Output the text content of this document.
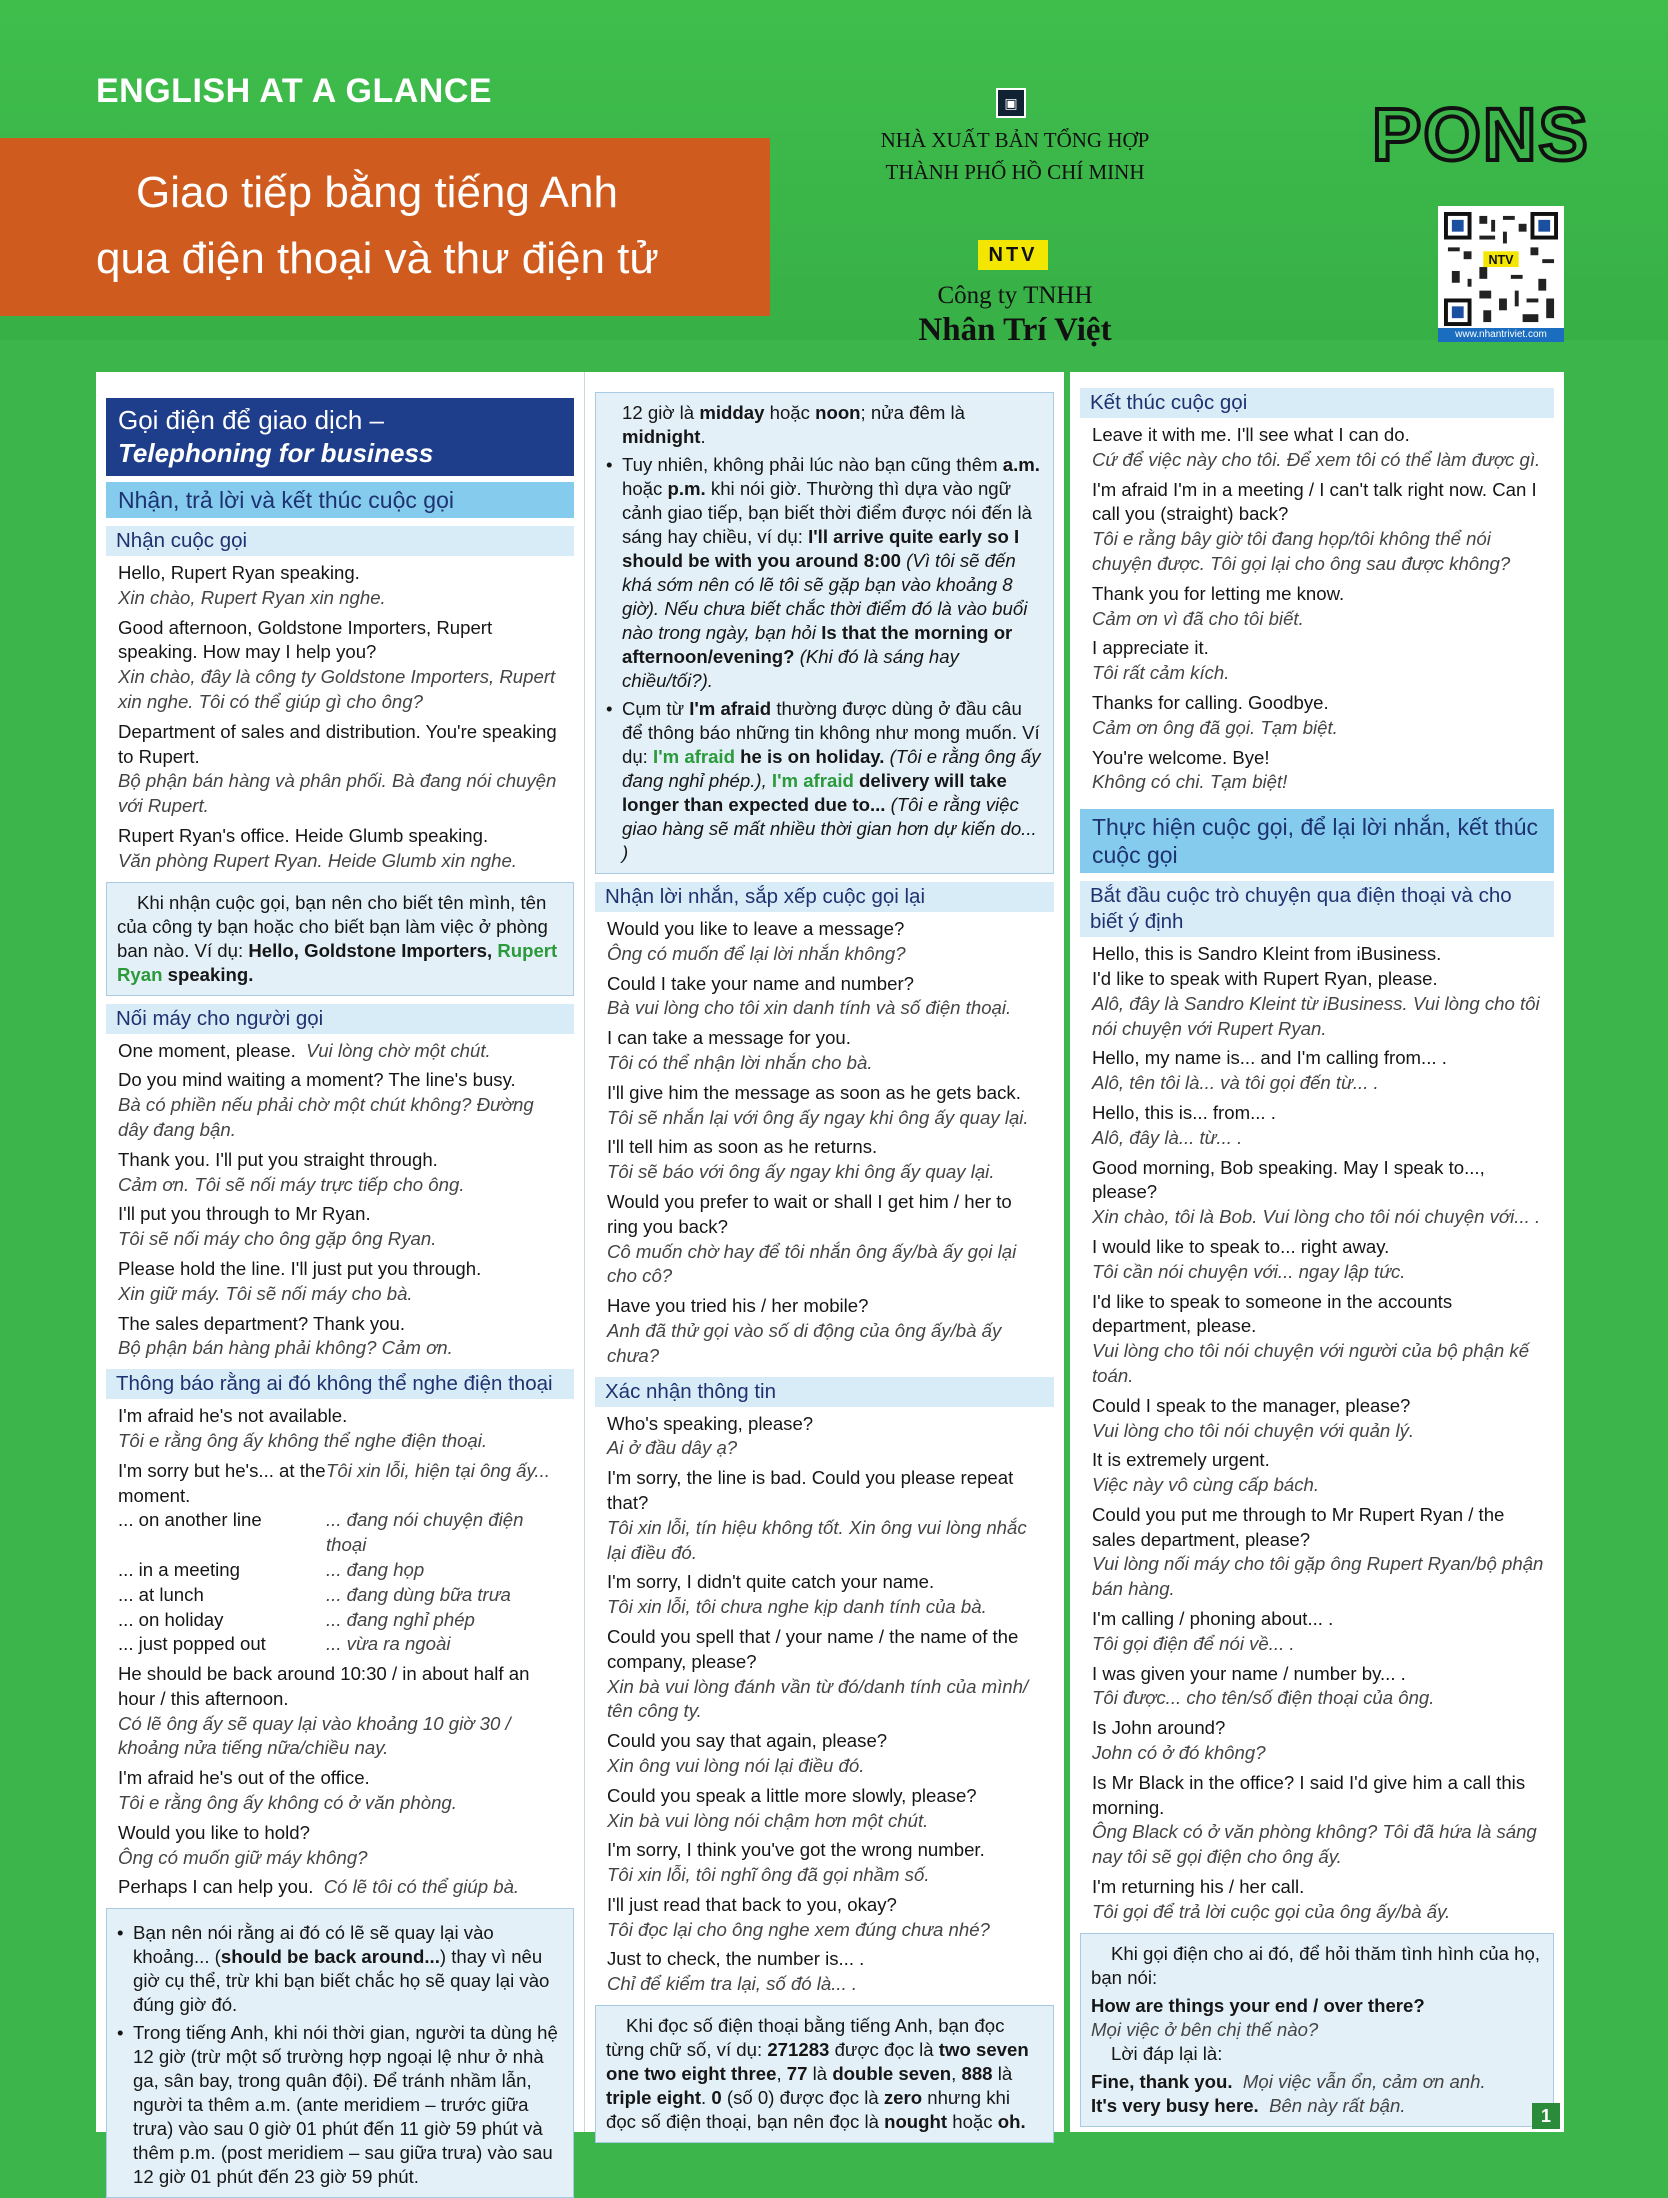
ENGLISH AT A GLANCE
Giao tiếp bằng tiếng Anh
qua điện thoại và thư điện tử
▣
NHÀ XUẤT BẢN TỔNG HỢP
THÀNH PHỐ HỒ CHÍ MINH
NTV
Công ty TNHH
Nhân Trí Việt
PONS
NTV
www.nhantriviet.com
Gọi điện để giao dịch –
Telephoning for business
Nhận, trả lời và kết thúc cuộc gọi
Nhận cuộc gọi
Hello, Rupert Ryan speaking.
Xin chào, Rupert Ryan xin nghe.
Good afternoon, Goldstone Importers, Rupert speaking. How may I help you?
Xin chào, đây là công ty Goldstone Importers, Rupert xin nghe. Tôi có thể giúp gì cho ông?
Department of sales and distribution. You're speaking to Rupert.
Bộ phận bán hàng và phân phối. Bà đang nói chuyện với Rupert.
Rupert Ryan's office. Heide Glumb speaking.
Văn phòng Rupert Ryan. Heide Glumb xin nghe.
Khi nhận cuộc gọi, bạn nên cho biết tên mình, tên của công ty bạn hoặc cho biết bạn làm việc ở phòng ban nào. Ví dụ: Hello, Goldstone Importers, Rupert Ryan speaking.
Nối máy cho người gọi
One moment, please. Vui lòng chờ một chút.
Do you mind waiting a moment? The line's busy.
Bà có phiền nếu phải chờ một chút không? Đường dây đang bận.
Thank you. I'll put you straight through.
Cảm ơn. Tôi sẽ nối máy trực tiếp cho ông.
I'll put you through to Mr Ryan.
Tôi sẽ nối máy cho ông gặp ông Ryan.
Please hold the line. I'll just put you through.
Xin giữ máy. Tôi sẽ nối máy cho bà.
The sales department? Thank you.
Bộ phận bán hàng phải không? Cảm ơn.
Thông báo rằng ai đó không thể nghe điện thoại
I'm afraid he's not available.
Tôi e rằng ông ấy không thể nghe điện thoại.
I'm sorry but he's... at the moment.
Tôi xin lỗi, hiện tại ông ấy...
... on another line	... đang nói chuyện điện thoại
... in a meeting	... đang họp
... at lunch	... đang dùng bữa trưa
... on holiday	... đang nghỉ phép
... just popped out	... vừa ra ngoài
He should be back around 10:30 / in about half an hour / this afternoon.
Có lẽ ông ấy sẽ quay lại vào khoảng 10 giờ 30 / khoảng nửa tiếng nữa/chiều nay.
I'm afraid he's out of the office.
Tôi e rằng ông ấy không có ở văn phòng.
Would you like to hold?
Ông có muốn giữ máy không?
Perhaps I can help you. Có lẽ tôi có thể giúp bà.
• Bạn nên nói rằng ai đó có lẽ sẽ quay lại vào khoảng... (should be back around...) thay vì nêu giờ cụ thể, trừ khi bạn biết chắc họ sẽ quay lại vào đúng giờ đó.
• Trong tiếng Anh, khi nói thời gian, người ta dùng hệ 12 giờ (trừ một số trường hợp ngoại lệ như ở nhà ga, sân bay, trong quân đội). Để tránh nhầm lẫn, người ta thêm a.m. (ante meridiem – trước giữa trưa) vào sau 0 giờ 01 phút đến 11 giờ 59 phút và thêm p.m. (post meridiem – sau giữa trưa) vào sau 12 giờ 01 phút đến 23 giờ 59 phút.
12 giờ là midday hoặc noon; nửa đêm là midnight.
• Tuy nhiên, không phải lúc nào bạn cũng thêm a.m. hoặc p.m. khi nói giờ. Thường thì dựa vào ngữ cảnh giao tiếp, bạn biết thời điểm được nói đến là sáng hay chiều, ví dụ: I'll arrive quite early so I should be with you around 8:00 (Vì tôi sẽ đến khá sớm nên có lẽ tôi sẽ gặp bạn vào khoảng 8 giờ). Nếu chưa biết chắc thời điểm đó là vào buổi nào trong ngày, bạn hỏi Is that the morning or afternoon/evening? (Khi đó là sáng hay chiều/tối?).
• Cụm từ I'm afraid thường được dùng ở đầu câu để thông báo những tin không như mong muốn. Ví dụ: I'm afraid he is on holiday. (Tôi e rằng ông ấy đang nghỉ phép.), I'm afraid delivery will take longer than expected due to... (Tôi e rằng việc giao hàng sẽ mất nhiều thời gian hơn dự kiến do... )
Nhận lời nhắn, sắp xếp cuộc gọi lại
Would you like to leave a message?
Ông có muốn để lại lời nhắn không?
Could I take your name and number?
Bà vui lòng cho tôi xin danh tính và số điện thoại.
I can take a message for you.
Tôi có thể nhận lời nhắn cho bà.
I'll give him the message as soon as he gets back.
Tôi sẽ nhắn lại với ông ấy ngay khi ông ấy quay lại.
I'll tell him as soon as he returns.
Tôi sẽ báo với ông ấy ngay khi ông ấy quay lại.
Would you prefer to wait or shall I get him / her to ring you back?
Cô muốn chờ hay để tôi nhắn ông ấy/bà ấy gọi lại cho cô?
Have you tried his / her mobile?
Anh đã thử gọi vào số di động của ông ấy/bà ấy chưa?
Xác nhận thông tin
Who's speaking, please?
Ai ở đầu dây ạ?
I'm sorry, the line is bad. Could you please repeat that?
Tôi xin lỗi, tín hiệu không tốt. Xin ông vui lòng nhắc lại điều đó.
I'm sorry, I didn't quite catch your name.
Tôi xin lỗi, tôi chưa nghe kịp danh tính của bà.
Could you spell that / your name / the name of the company, please?
Xin bà vui lòng đánh vần từ đó/danh tính của mình/ tên công ty.
Could you say that again, please?
Xin ông vui lòng nói lại điều đó.
Could you speak a little more slowly, please?
Xin bà vui lòng nói chậm hơn một chút.
I'm sorry, I think you've got the wrong number.
Tôi xin lỗi, tôi nghĩ ông đã gọi nhầm số.
I'll just read that back to you, okay?
Tôi đọc lại cho ông nghe xem đúng chưa nhé?
Just to check, the number is... .
Chỉ để kiểm tra lại, số đó là... .
Khi đọc số điện thoại bằng tiếng Anh, bạn đọc từng chữ số, ví dụ: 271283 được đọc là two seven one two eight three, 77 là double seven, 888 là triple eight. 0 (số 0) được đọc là zero nhưng khi đọc số điện thoại, bạn nên đọc là nought hoặc oh.
Kết thúc cuộc gọi
Leave it with me. I'll see what I can do.
Cứ để việc này cho tôi. Để xem tôi có thể làm được gì.
I'm afraid I'm in a meeting / I can't talk right now. Can I call you (straight) back?
Tôi e rằng bây giờ tôi đang họp/tôi không thể nói chuyện được. Tôi gọi lại cho ông sau được không?
Thank you for letting me know.
Cảm ơn vì đã cho tôi biết.
I appreciate it.
Tôi rất cảm kích.
Thanks for calling. Goodbye.
Cảm ơn ông đã gọi. Tạm biệt.
You're welcome. Bye!
Không có chi. Tạm biệt!
Thực hiện cuộc gọi, để lại lời nhắn, kết thúc cuộc gọi
Bắt đầu cuộc trò chuyện qua điện thoại và cho biết ý định
Hello, this is Sandro Kleint from iBusiness.
I'd like to speak with Rupert Ryan, please.
Alô, đây là Sandro Kleint từ iBusiness. Vui lòng cho tôi nói chuyện với Rupert Ryan.
Hello, my name is... and I'm calling from... .
Alô, tên tôi là... và tôi gọi đến từ... .
Hello, this is... from... .
Alô, đây là... từ... .
Good morning, Bob speaking. May I speak to..., please?
Xin chào, tôi là Bob. Vui lòng cho tôi nói chuyện với... .
I would like to speak to... right away.
Tôi cần nói chuyện với... ngay lập tức.
I'd like to speak to someone in the accounts department, please.
Vui lòng cho tôi nói chuyện với người của bộ phận kế toán.
Could I speak to the manager, please?
Vui lòng cho tôi nói chuyện với quản lý.
It is extremely urgent.
Việc này vô cùng cấp bách.
Could you put me through to Mr Rupert Ryan / the sales department, please?
Vui lòng nối máy cho tôi gặp ông Rupert Ryan/bộ phận bán hàng.
I'm calling / phoning about... .
Tôi gọi điện để nói về... .
I was given your name / number by... .
Tôi được... cho tên/số điện thoại của ông.
Is John around?
John có ở đó không?
Is Mr Black in the office? I said I'd give him a call this morning.
Ông Black có ở văn phòng không? Tôi đã hứa là sáng nay tôi sẽ gọi điện cho ông ấy.
I'm returning his / her call.
Tôi gọi để trả lời cuộc gọi của ông ấy/bà ấy.
Khi gọi điện cho ai đó, để hỏi thăm tình hình của họ, bạn nói:
How are things your end / over there?
Mọi việc ở bên chị thế nào?
Lời đáp lại là:
Fine, thank you. Mọi việc vẫn ổn, cảm ơn anh.
It's very busy here. Bên này rất bận.
1
